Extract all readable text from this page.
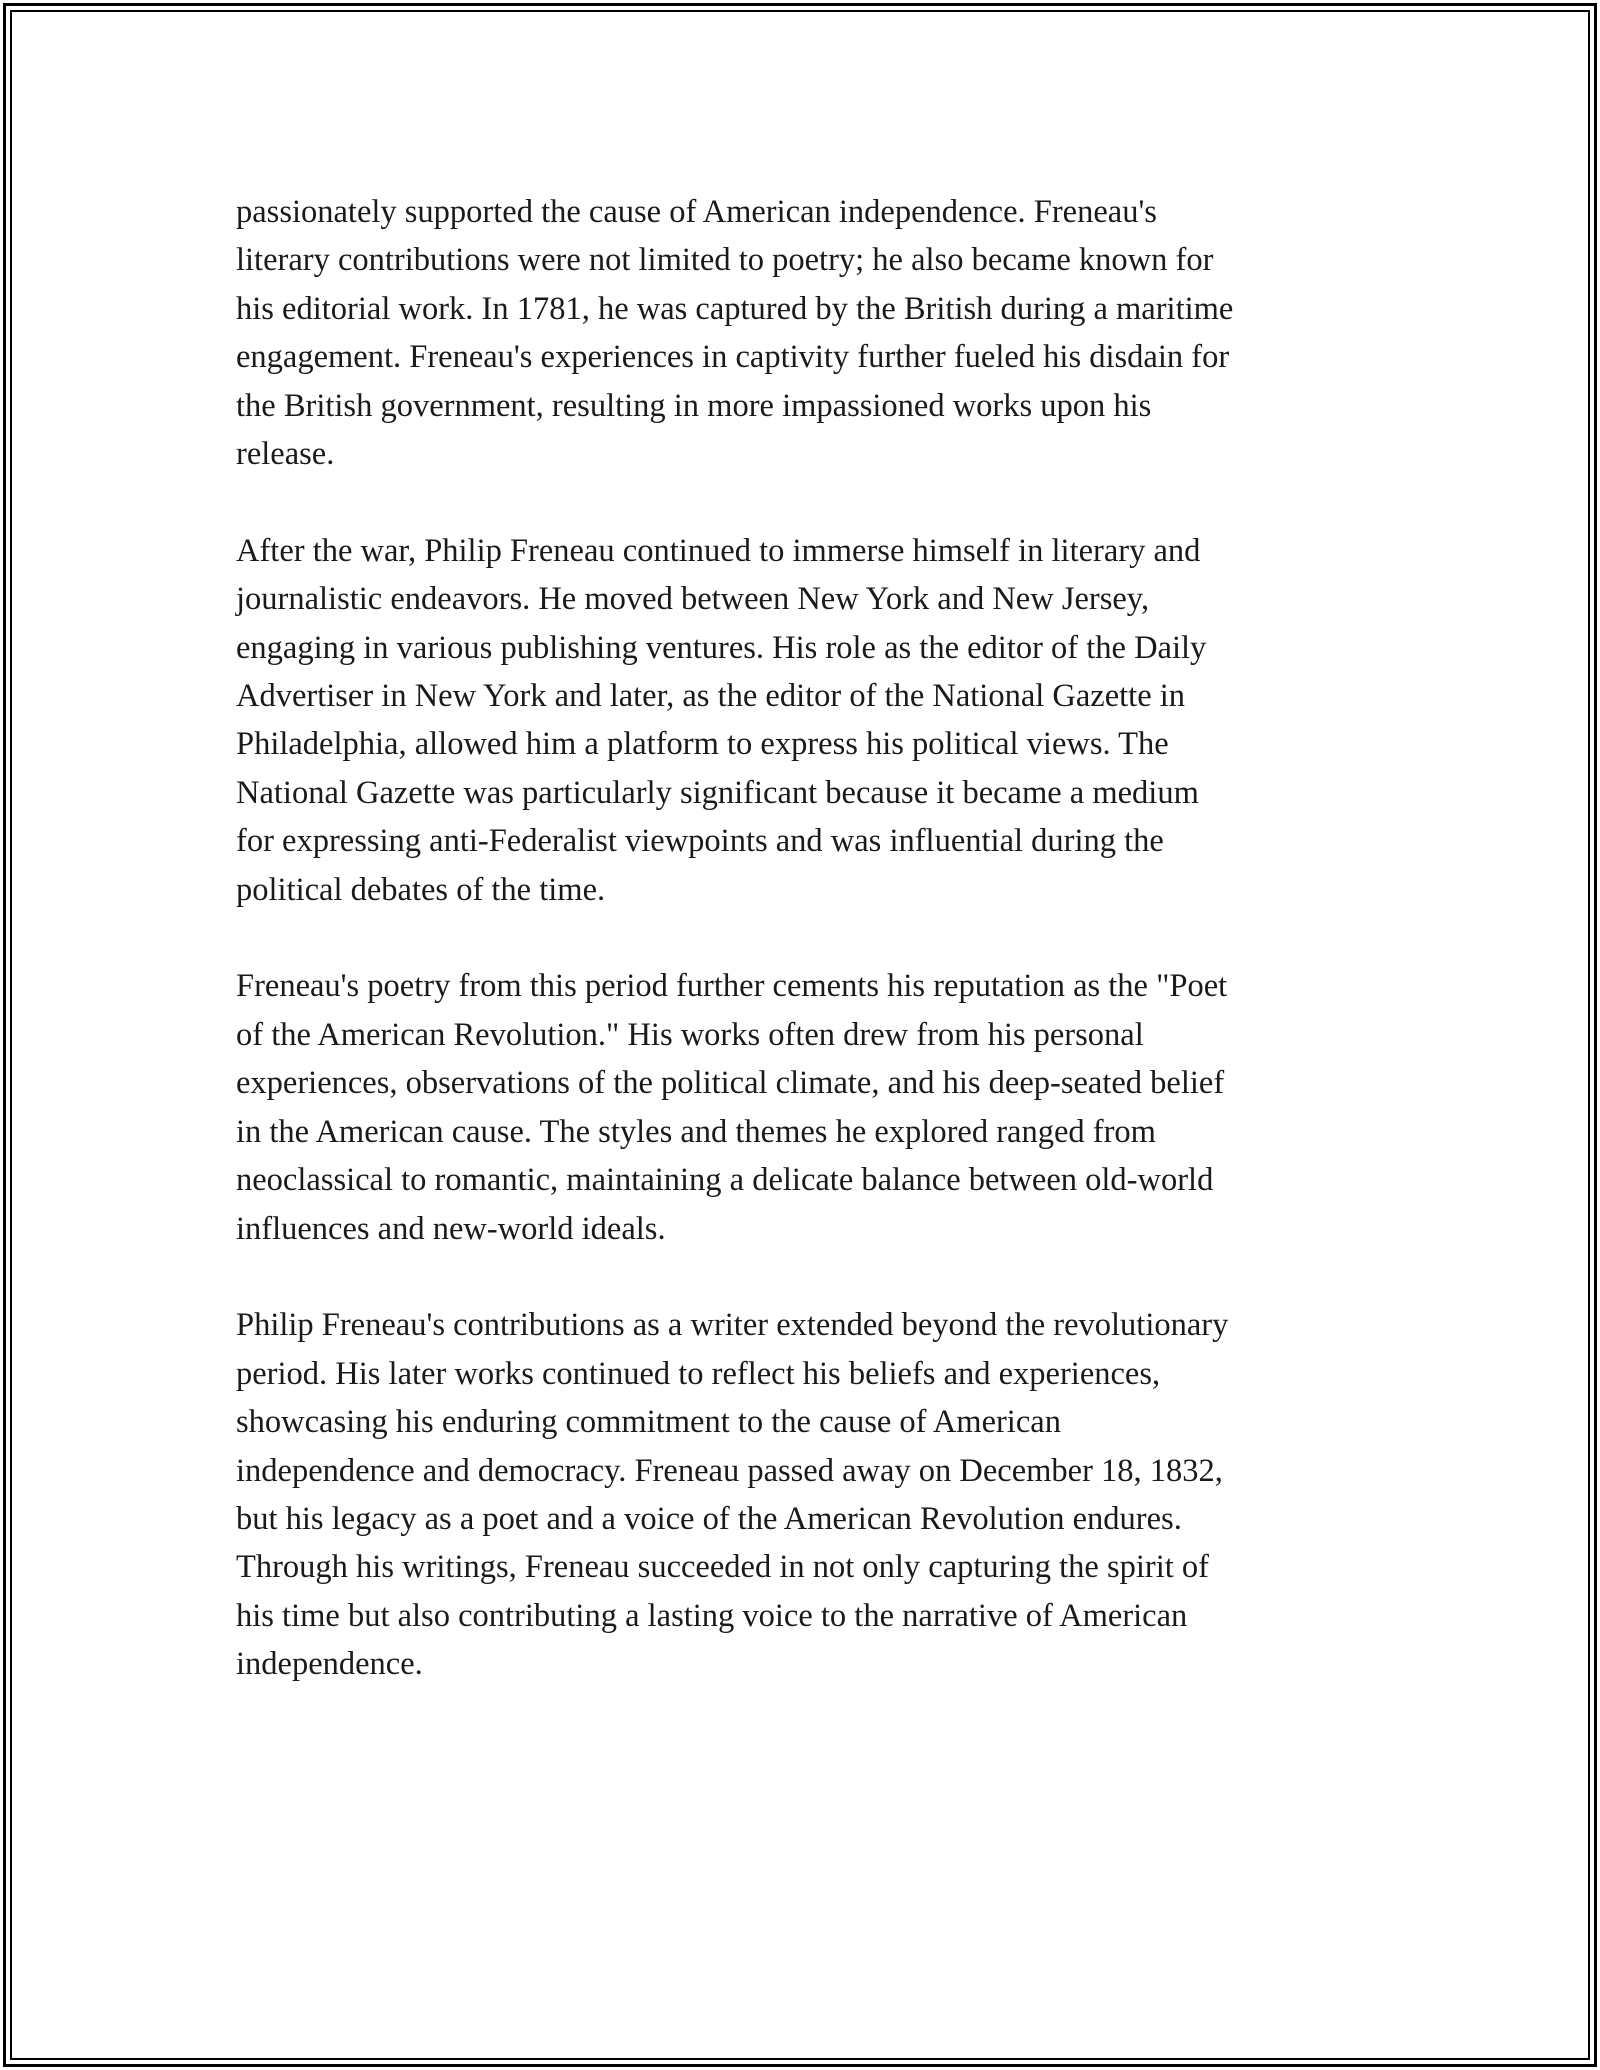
passionately supported the cause of American independence. Freneau's
literary contributions were not limited to poetry; he also became known for
his editorial work. In 1781, he was captured by the British during a maritime
engagement. Freneau's experiences in captivity further fueled his disdain for
the British government, resulting in more impassioned works upon his
release.

After the war, Philip Freneau continued to immerse himself in literary and
journalistic endeavors. He moved between New York and New Jersey,
engaging in various publishing ventures. His role as the editor of the Daily
Advertiser in New York and later, as the editor of the National Gazette in
Philadelphia, allowed him a platform to express his political views. The
National Gazette was particularly significant because it became a medium
for expressing anti-Federalist viewpoints and was influential during the
political debates of the time.

Freneau's poetry from this period further cements his reputation as the "Poet
of the American Revolution." His works often drew from his personal
experiences, observations of the political climate, and his deep-seated belief
in the American cause. The styles and themes he explored ranged from
neoclassical to romantic, maintaining a delicate balance between old-world
influences and new-world ideals.

Philip Freneau's contributions as a writer extended beyond the revolutionary
period. His later works continued to reflect his beliefs and experiences,
showcasing his enduring commitment to the cause of American
independence and democracy. Freneau passed away on December 18, 1832,
but his legacy as a poet and a voice of the American Revolution endures.
Through his writings, Freneau succeeded in not only capturing the spirit of
his time but also contributing a lasting voice to the narrative of American
independence.
